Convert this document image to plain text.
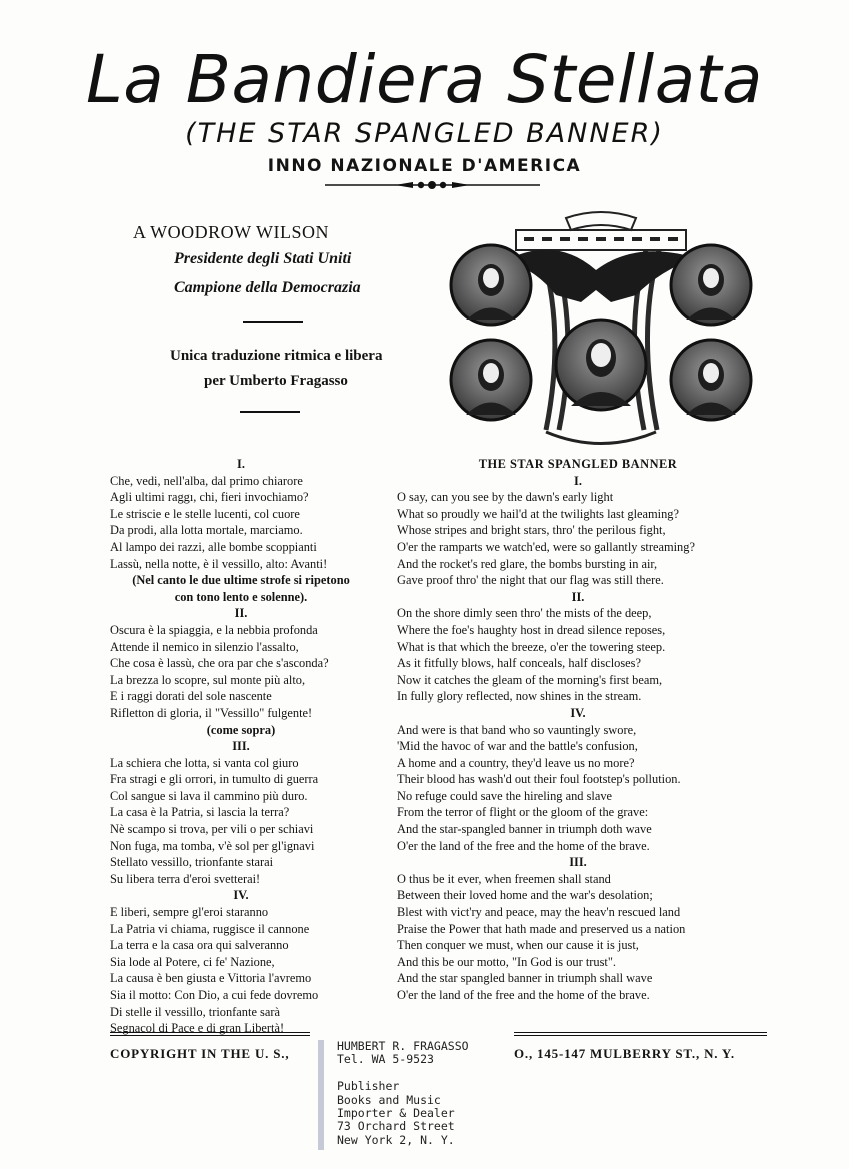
La Bandiera Stellata
(THE STAR SPANGLED BANNER)
INNO NAZIONALE D'AMERICA
A WOODROW WILSON
Presidente degli Stati Uniti
Campione della Democrazia
Unica traduzione ritmica e libera
per Umberto Fragasso
I.
Che, vedi, nell'alba, dal primo chiarore
Agli ultimi raggı, chi, fieri invochiamo?
Le striscie e le stelle lucenti, col cuore
Da prodi, alla lotta mortale, marciamo.
Al lampo dei razzi, alle bombe scoppianti
Lassù, nella notte, è il vessillo, alto: Avanti!
(Nel canto le due ultime strofe si ripetono
con tono lento e solenne).
II.
Oscura è la spiaggia, e la nebbia profonda
Attende il nemico in silenzio l'assalto,
Che cosa è lassù, che ora par che s'asconda?
La brezza lo scopre, sul monte più alto,
E i raggi dorati del sole nascente
Rifletton di gloria, il "Vessillo" fulgente!
(come sopra)
III.
La schiera che lotta, si vanta col giuro
Fra stragi e gli orrori, in tumulto di guerra
Col sangue si lava il cammino più duro.
La casa è la Patria, si lascia la terra?
Nè scampo si trova, per vili o per schiavi
Non fuga, ma tomba, v'è sol per gl'ignavi
Stellato vessillo, trionfante starai
Su libera terra d'eroi svetterai!
IV.
E liberi, sempre gl'eroi staranno
La Patria vi chiama, ruggisce il cannone
La terra e la casa ora qui salveranno
Sia lode al Potere, ci fe' Nazione,
La causa è ben giusta e Vittoria l'avremo
Sia il motto: Con Dio, a cui fede dovremo
Di stelle il vessillo, trionfante sarà
Segnacol di Pace e di gran Libertà!
THE STAR SPANGLED BANNER
I.
O say, can you see by the dawn's early light
What so proudly we hail'd at the twilights last gleaming?
Whose stripes and bright stars, thro' the perilous fight,
O'er the ramparts we watch'ed, were so gallantly streaming?
And the rocket's red glare, the bombs bursting in air,
Gave proof thro' the night that our flag was still there.
II.
On the shore dimly seen thro' the mists of the deep,
Where the foe's haughty host in dread silence reposes,
What is that which the breeze, o'er the towering steep.
As it fitfully blows, half conceals, half discloses?
Now it catches the gleam of the morning's first beam,
In fully glory reflected, now shines in the stream.
IV.
And were is that band who so vauntingly swore,
'Mid the havoc of war and the battle's confusion,
A home and a country, they'd leave us no more?
Their blood has wash'd out their foul footstep's pollution.
No refuge could save the hireling and slave
From the terror of flight or the gloom of the grave:
And the star-spangled banner in triumph doth wave
O'er the land of the free and the home of the brave.
III.
O thus be it ever, when freemen shall stand
Between their loved home and the war's desolation;
Blest with vict'ry and peace, may the heav'n rescued land
Praise the Power that hath made and preserved us a nation
Then conquer we must, when our cause it is just,
And this be our motto, "In God is our trust".
And the star spangled banner in triumph shall wave
O'er the land of the free and the home of the brave.
COPYRIGHT IN THE U. S.,	O., 145-147 MULBERRY ST., N. Y.
HUMBERT R. FRAGASSO
Tel. WA 5-9523

Publisher
Books and Music
Importer & Dealer
73 Orchard Street
New York 2, N. Y.
